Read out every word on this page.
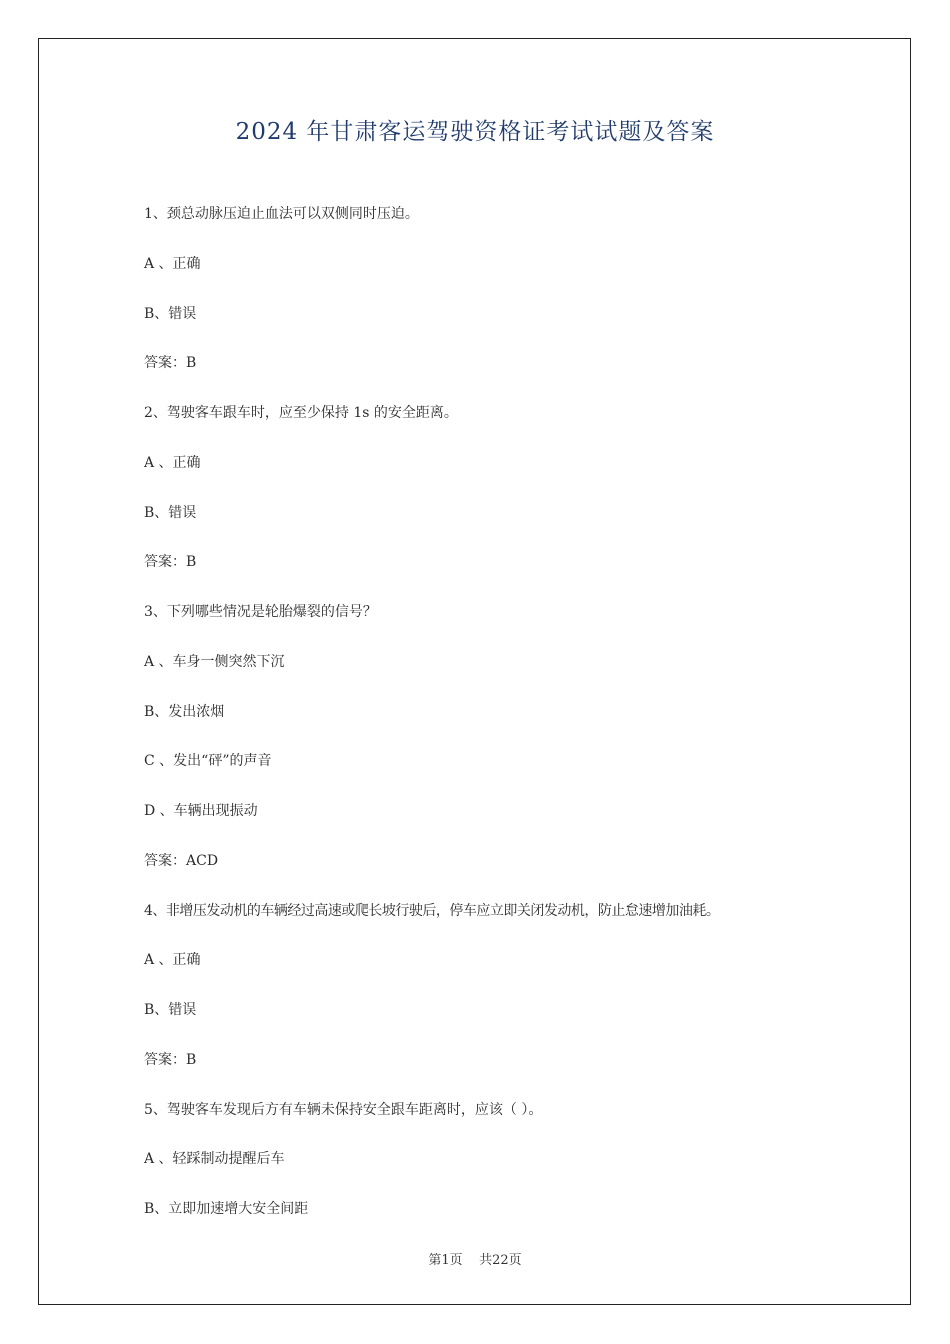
2024 年甘肃客运驾驶资格证考试试题及答案
1、颈总动脉压迫止血法可以双侧同时压迫。
A 、正确
B、错误
答案：B
2、驾驶客车跟车时，应至少保持 1s 的安全距离。
A 、正确
B、错误
答案：B
3、下列哪些情况是轮胎爆裂的信号？
A 、车身一侧突然下沉
B、发出浓烟
C 、发出“砰”的声音
D 、车辆出现振动
答案：ACD
4、非增压发动机的车辆经过高速或爬长坡行驶后，停车应立即关闭发动机，防止怠速增加油耗。
A 、正确
B、错误
答案：B
5、驾驶客车发现后方有车辆未保持安全跟车距离时，应该（ ）。
A 、轻踩制动提醒后车
B、立即加速增大安全间距
第1页    共22页
